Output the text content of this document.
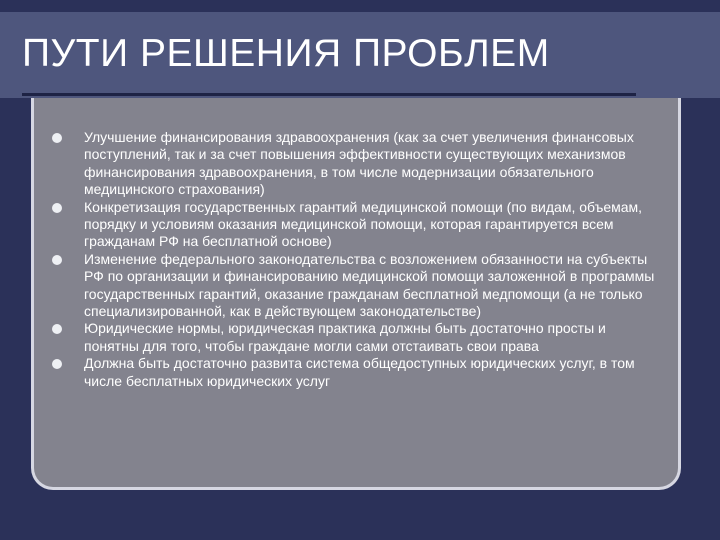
ПУТИ РЕШЕНИЯ ПРОБЛЕМ
Улучшение финансирования здравоохранения (как за счет увеличения финансовых поступлений, так и за счет повышения эффективности существующих механизмов финансирования здравоохранения, в том числе модернизации обязательного медицинского страхования)
Конкретизация государственных гарантий медицинской помощи (по видам, объемам, порядку и условиям оказания медицинской помощи, которая гарантируется всем гражданам РФ на бесплатной основе)
Изменение федерального законодательства с возложением обязанности на субъекты РФ по организации и финансированию медицинской помощи заложенной в программы государственных гарантий, оказание гражданам бесплатной медпомощи (а не только специализированной, как в действующем законодательстве)
Юридические нормы, юридическая практика должны быть достаточно просты и понятны для того, чтобы граждане могли сами отстаивать свои права
Должна быть достаточно развита система общедоступных юридических услуг, в том числе бесплатных юридических услуг
